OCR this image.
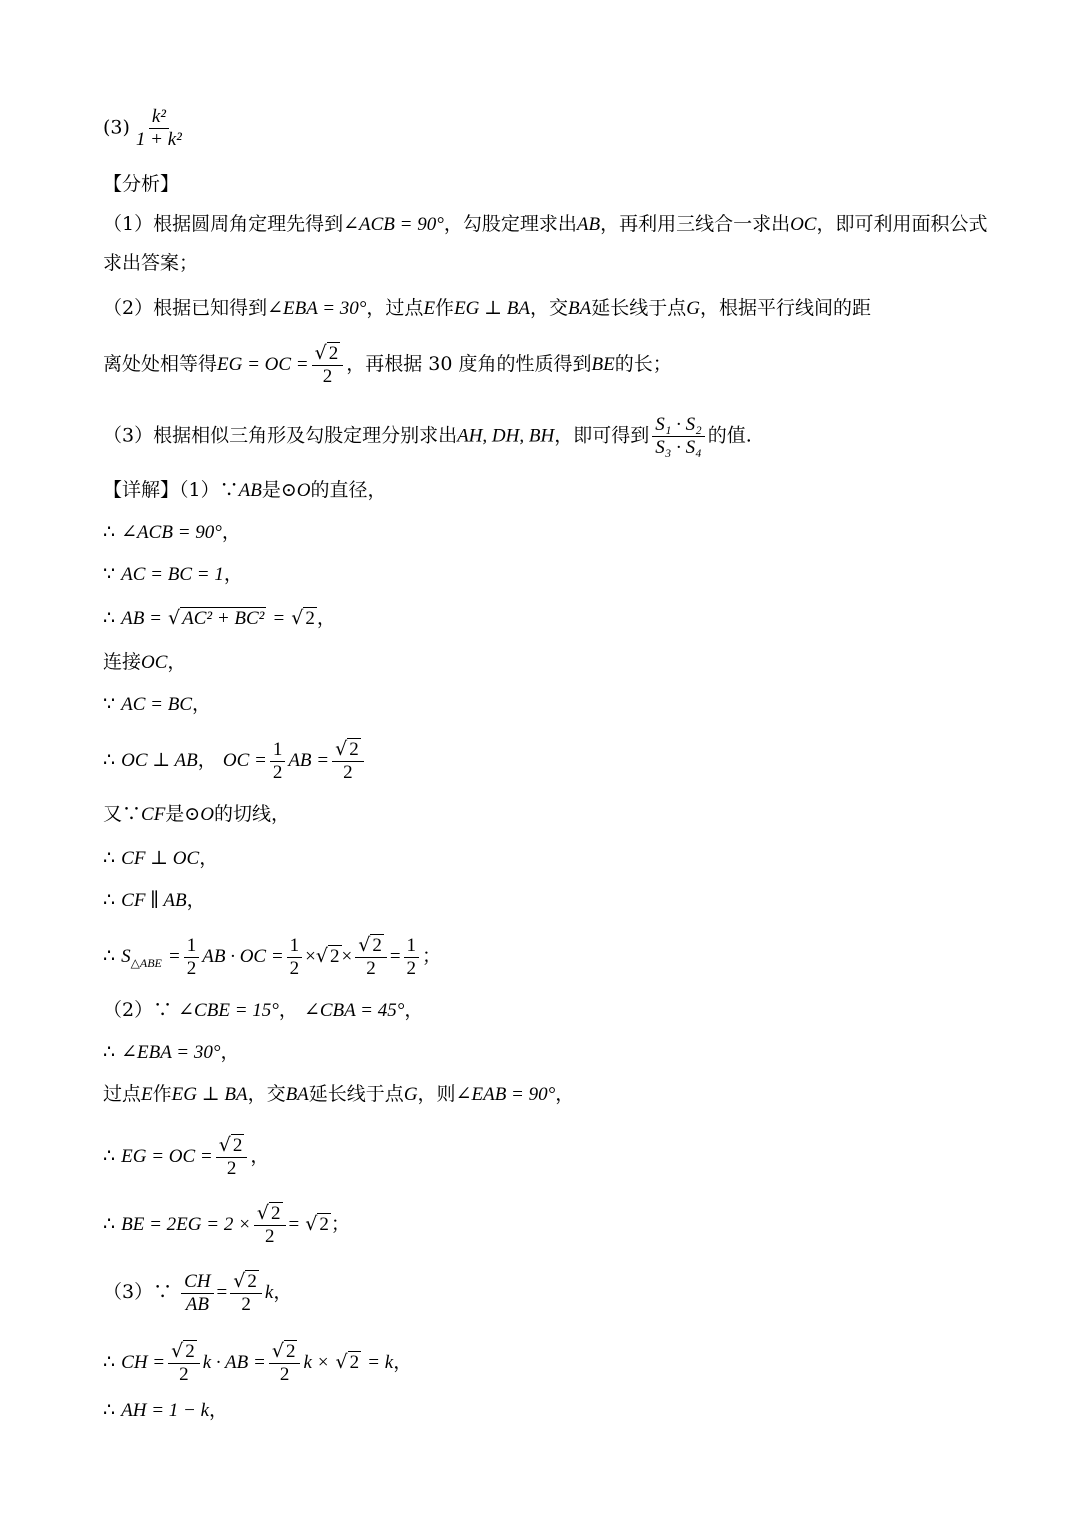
$(3) \frac{\text{k²}}{\text{1 + k²}}$
【分析】
（1）根据圆周角定理先得到∠ACB = 90°，勾股定理求出AB，再利用三线合一求出OC，即可利用面积公式求出答案；
（2）根据已知得到∠EBA = 30°，过点E作EG ⊥ BA，交BA延长线于点G，根据平行线间的距
离处处相等得EG = OC = $\frac{√ 2}{2}$ ，再根据 30 度角的性质得到BE的长；
（3）根据相似三角形及勾股定理分别求出AH, DH, BH，即可得到 $\frac{\text{S₁ · S₂}}{\text{S₃ · S₄}}$ 的值.
【详解】（1）∵AB是⊙O的直径，
∴ ∠ACB = 90°，
∵ AC = BC = 1，
∴ AB = √ AC² + BC² = √ 2 ，
连接OC，
∵ AC = BC，
∴ OC ⊥ AB， OC = $\frac{1}{2}$ AB = $\frac{√ 2}{2}$
又∵CF是⊙O的切线，
∴ CF ⊥ OC，
∴ CF ∥ AB，
∴ $S_{\triangle ABE} = \frac{1}{2}$ AB · OC = $\frac{1}{2}$ ×√ $2 \times \frac{√ 2}{2} = \frac{1}{2}$ ；
（2）∵ ∠CBE = 15°， ∠CBA = 45°，
∴ ∠EBA = 30°，
过点E作EG ⊥ BA，交BA延长线于点G，则∠EAB = 90°，
∴ EG = OC = $\frac{√ 2}{2}$ ，
∴ BE = $2EG = 2 \times \frac{√ 2}{2}$ = √ 2 ；
（3）∵ $\frac{CH}{AB} = \frac{√ 2}{2}$ k，
∴ CH = $\frac{√ 2}{2}$ k · AB = $\frac{√ 2}{2}$ k × √ 2 = k，
∴ AH = 1 − k，
